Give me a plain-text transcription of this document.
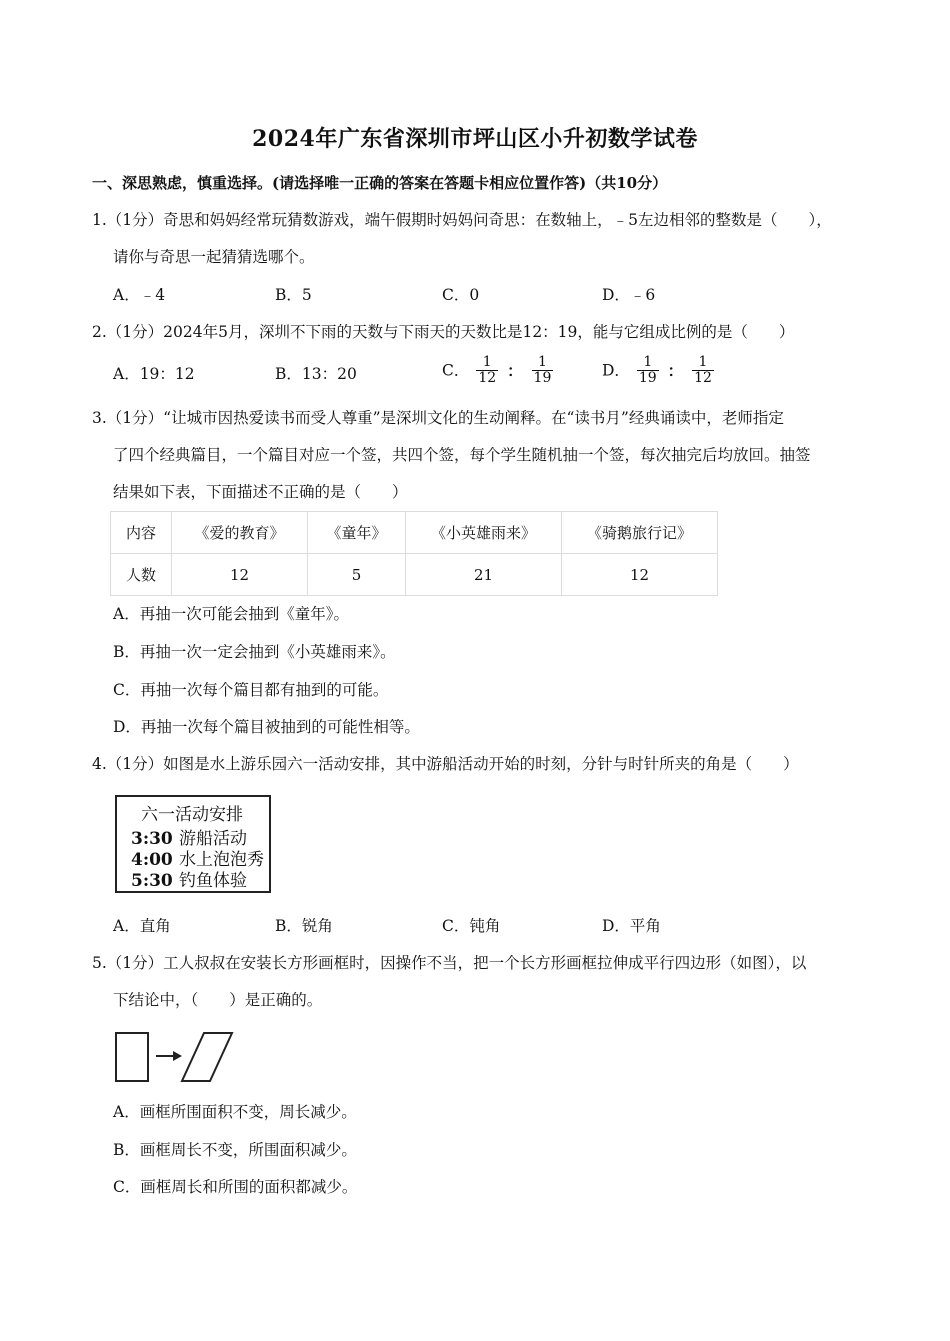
2024年广东省深圳市坪山区小升初数学试卷
一、深思熟虑，慎重选择。(请选择唯一正确的答案在答题卡相应位置作答)（共10分）
1.（1分）奇思和妈妈经常玩猜数游戏，端午假期时妈妈问奇思：在数轴上，﹣5左边相邻的整数是（　　），
请你与奇思一起猜猜选哪个。
A．﹣4	B．5	C．0	D．﹣6
2.（1分）2024年5月，深圳不下雨的天数与下雨天的天数比是12：19，能与它组成比例的是（　　）
A．19：12	B．13：20	C． $\frac{1}{12}$ ： $\frac{1}{19}$	D． $\frac{1}{19}$ ： $\frac{1}{12}$
3.（1分）“让城市因热爱读书而受人尊重”是深圳文化的生动阐释。在“读书月”经典诵读中，老师指定
了四个经典篇目，一个篇目对应一个签，共四个签，每个学生随机抽一个签，每次抽完后均放回。抽签
结果如下表，下面描述不正确的是（　　）
内容	《爱的教育》	《童年》	《小英雄雨来》	《骑鹅旅行记》
人数	12	5	21	12
A．再抽一次可能会抽到《童年》。
B．再抽一次一定会抽到《小英雄雨来》。
C．再抽一次每个篇目都有抽到的可能。
D．再抽一次每个篇目被抽到的可能性相等。
4.（1分）如图是水上游乐园六一活动安排，其中游船活动开始的时刻，分针与时针所夹的角是（　　）
六一活动安排
3:30 游船活动
4:00 水上泡泡秀
5:30 钓鱼体验
A．直角	B．锐角	C．钝角	D．平角
5.（1分）工人叔叔在安装长方形画框时，因操作不当，把一个长方形画框拉伸成平行四边形（如图），以
下结论中，（　　）是正确的。
A．画框所围面积不变，周长减少。
B．画框周长不变，所围面积减少。
C．画框周长和所围的面积都减少。
